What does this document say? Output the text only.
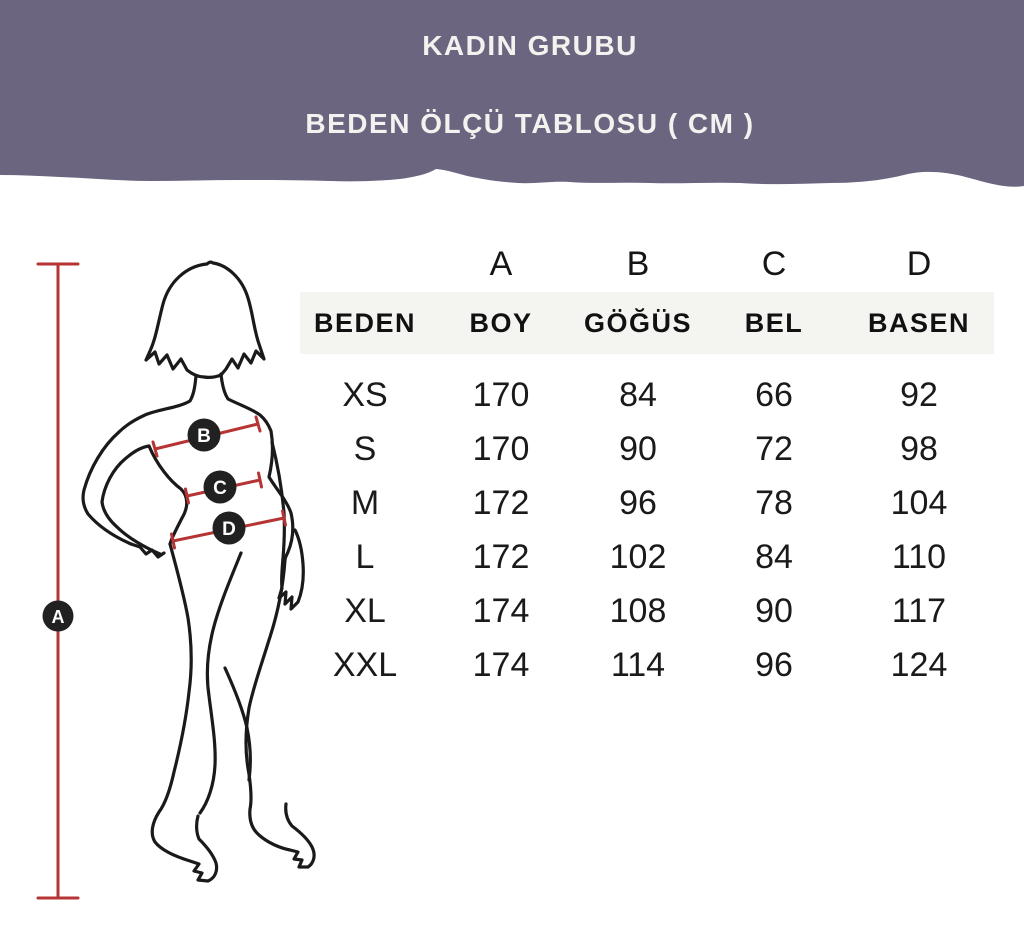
KADIN GRUBU
BEDEN ÖLÇÜ TABLOSU ( CM )
A
B
C
D
A	B	C	D
BEDEN	BOY	GÖĞÜS	BEL	BASEN
XS	170	84	66	92
S	170	90	72	98
M	172	96	78	104
L	172	102	84	110
XL	174	108	90	117
XXL	174	114	96	124
